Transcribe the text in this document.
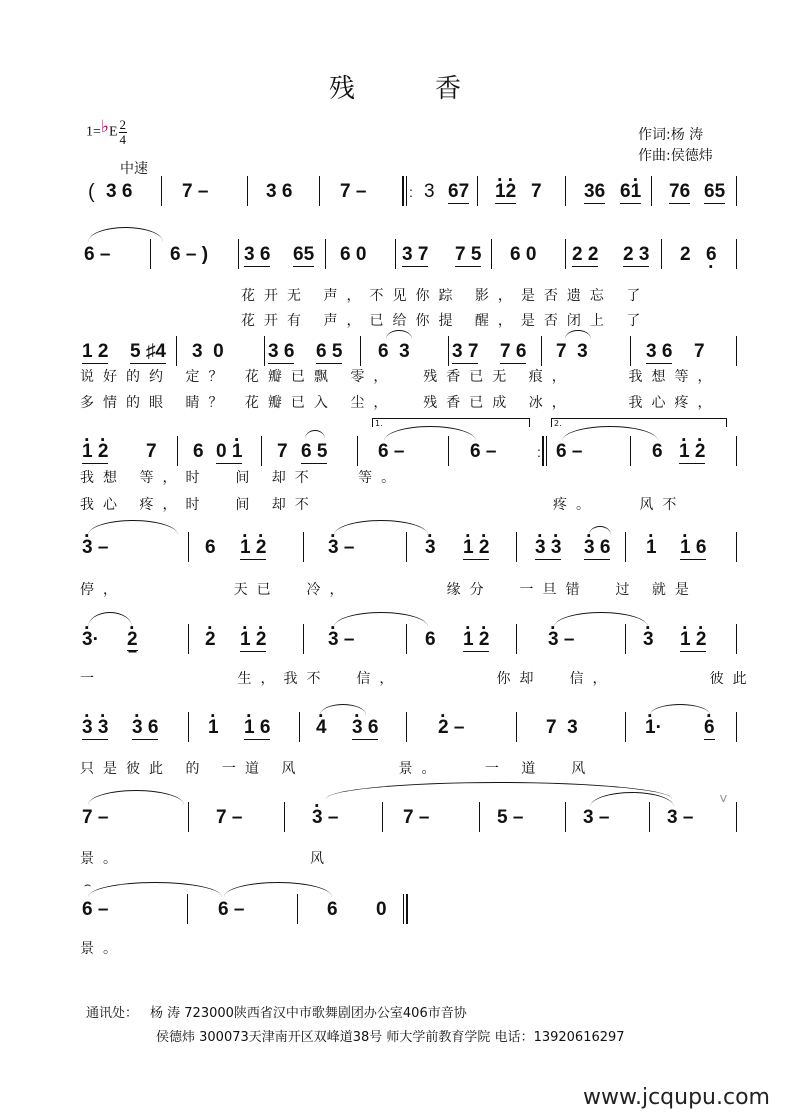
残	香
1=♭E $\frac{2}{4}$
中速
作词:杨 涛
作曲:侯德炜
( 3 6	7 –	3 6	7 –	: 3 67 · 1· 2 7 36 6· 1 76 65
6 –	6 – ) 3 6 65 6 0 3 7 7 5 6 0 2 2 2 3 2 6 ·
花开无 声，不见你踪 影，是否遗忘 了
花开有 声，已给你提 醒，是否闭上 了
1 2 5 ♯4 3  0 3 6 6 5 6  3 3 7 7 6 7  3	3 6 7
说好的约 定？ 花瓣已飘 零，  残香已无 痕，    我想等，
多情的眼 睛？ 花瓣已入 尘，  残香已成 冰，    我心疼，
· 1 · 2 7 6 0 · 1 7 6 5
1.
6 –	6 –	:
2.
6 –	6 · 1 · 2
我想 等，时  间 却不   等。
我心 疼，时  间 却不	疼。   风不
· 3 –	6 · 1 · 2	· 3 –	· 3 · 1 · 2 · 3 · 3 · 3 6 · 1 · 1 6
停，        天已  冷，       缘分  一旦错  过 就是
· 3· · 2	· 2 · 1 · 2	· 3 –	6 · 1 · 2	· 3 –	· 3 · 1 · 2
一          生，我不  信，       你却  信，       彼此
· 3 · 3 · 3 6	· 1 · 1 6 · 4 · 3 6	· 2 –	7  3	· 1· · 6
只是彼此 的 一道 风       景。   一 道  风
7 –	7 –	· 3 –	7 –	5 –	3 –	3 –
V
景。	风
⌢
6 –	6 –	6 0
景。
通讯处： 杨 涛 723000陕西省汉中市歌舞剧团办公室406市音协
侯德炜 300073天津南开区双峰道38号 师大学前教育学院 电话：13920616297
www.jcqupu.com
